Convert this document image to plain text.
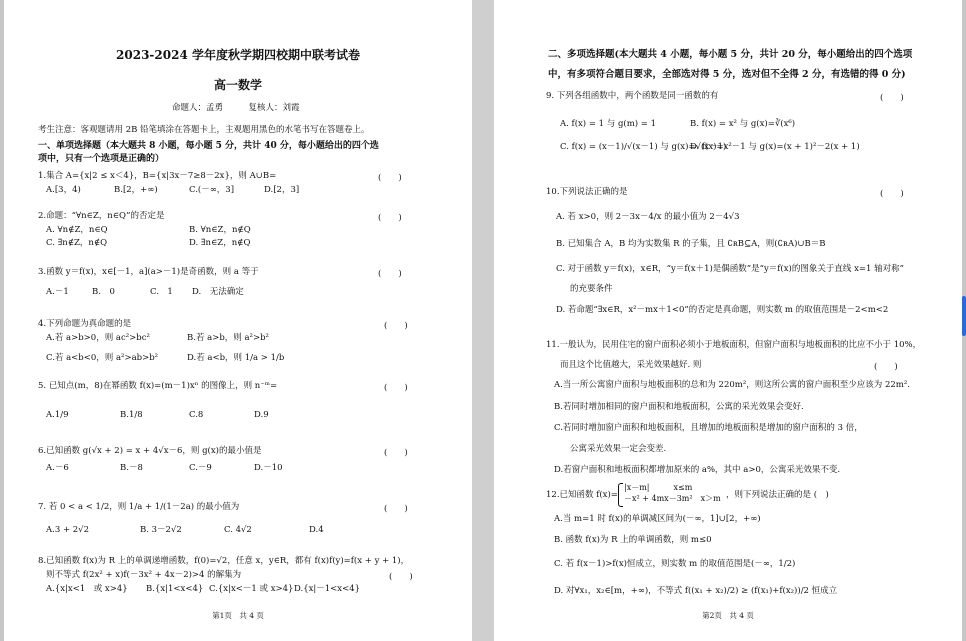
2023-2024 学年度秋学期四校期中联考试卷
高一数学
命题人：孟勇　　　复核人：刘霞
考生注意：客观题请用 2B 铅笔填涂在答题卡上，主观题用黑色的水笔书写在答题卷上。
一、单项选择题（本大题共 8 小题，每小题 5 分，共计 40 分，每小题给出的四个选
项中，只有一个选项是正确的）
1.集合 A={x|2 ≤ x＜4}，B={x|3x－7≥8－2x}，则 A∪B=	(　　)
A.[3，4)	B.[2，+∞)	C.(－∞，3]	D.[2，3]
2.命题：“∀n∈Z，n∈Q”的否定是	(　　)
A. ∀n∉Z，n∈Q	B. ∀n∈Z，n∉Q
C. ∃n∉Z，n∉Q	D. ∃n∈Z，n∉Q
3.函数 y＝f(x)，x∈[－1，a](a>－1)是奇函数，则 a 等于	(　　)
A.－1	B.　0	C.　1 D.　无法确定
4.下列命题为真命题的是	(　　)
A.若 a>b>0，则 ac²>bc²	B.若 a>b，则 a²>b²
C.若 a<b<0，则 a²>ab>b²	D.若 a<b，则 1/a > 1/b
5. 已知点(m，8)在幂函数 f(x)=(m－1)xⁿ 的图像上，则 n⁻ᵐ=	(　　)
A.1/9	B.1/8	C.8	D.9
6.已知函数 g(√x + 2) = x + 4√x－6，则 g(x)的最小值是	(　　)
A.－6	B.－8	C.－9	D.－10
7. 若 0 < a < 1/2，则 1/a + 1/(1－2a) 的最小值为	(　　)
A.3 + 2√2	B. 3－2√2	C. 4√2	D.4
8.已知函数 f(x)为 R 上的单调递增函数，f(0)=√2，任意 x，y∈R，都有 f(x)f(y)=f(x + y + 1)，
则不等式 f(2x² + x)f(－3x² + 4x－2)>4 的解集为	(　　)
A.{x|x<1　或 x>4} B.{x|1<x<4} C.{x|x<－1 或 x>4} D.{x|－1<x<4}
第1页　共 4 页
二、多项选择题(本大题共 4 小题，每小题 5 分，共计 20 分，每小题给出的四个选项
中，有多项符合题目要求，全部选对得 5 分，选对但不全得 2 分，有选错的得 0 分)
9. 下列各组函数中，两个函数是同一函数的有	(　　)
A. f(x) = 1 与 g(m) = 1	B. f(x) = x² 与 g(x)=∛(x⁶)
C. f(x) = (x－1)/√(x－1) 与 g(x)=√(x－1)
D. f(x)=x²－1 与 g(x)=(x + 1)²－2(x + 1)
10.下列说法正确的是	(　　)
A. 若 x>0，则 2－3x－4/x 的最小值为 2－4√3
B. 已知集合 A，B 均为实数集 R 的子集，且 ∁ʀB⊆A，则(∁ʀA)∪B＝B
C. 对于函数 y＝f(x)，x∈R，“y＝f(x＋1)是偶函数”是“y＝f(x)的图象关于直线 x=1 轴对称”
的充要条件
D. 若命题“∃x∈R，x²－mx＋1<0”的否定是真命题，则实数 m 的取值范围是－2<m<2
11.一般认为，民用住宅的窗户面积必须小于地板面积，但窗户面积与地板面积的比应不小于 10%，
而且这个比值越大，采光效果越好. 则	(　　)
A.当一所公寓窗户面积与地板面积的总和为 220m²，则这所公寓的窗户面积至少应该为 22m².
B.若同时增加相同的窗户面积和地板面积，公寓的采光效果会变好.
C.若同时增加窗户面积和地板面积，且增加的地板面积是增加的窗户面积的 3 倍，
公寓采光效果一定会变差.
D.若窗户面积和地板面积都增加原来的 a%，其中 a>0，公寓采光效果不变.
12.已知函数 f(x)=
|x－m|　　　x≤m
－x² + 4mx－3m²　x＞m ，则下列说法正确的是 (　)
A.当 m=1 时 f(x)的单调减区间为(－∞，1]∪[2，+∞)
B. 函数 f(x)为 R 上的单调函数，则 m≤0
C. 若 f(x－1)>f(x)恒成立，则实数 m 的取值范围是(－∞，1/2)
D. 对∀x₁，x₂∈[m，+∞)，不等式 f((x₁ + x₂)/2) ≥ (f(x₁)+f(x₂))/2 恒成立
第2页　共 4 页
